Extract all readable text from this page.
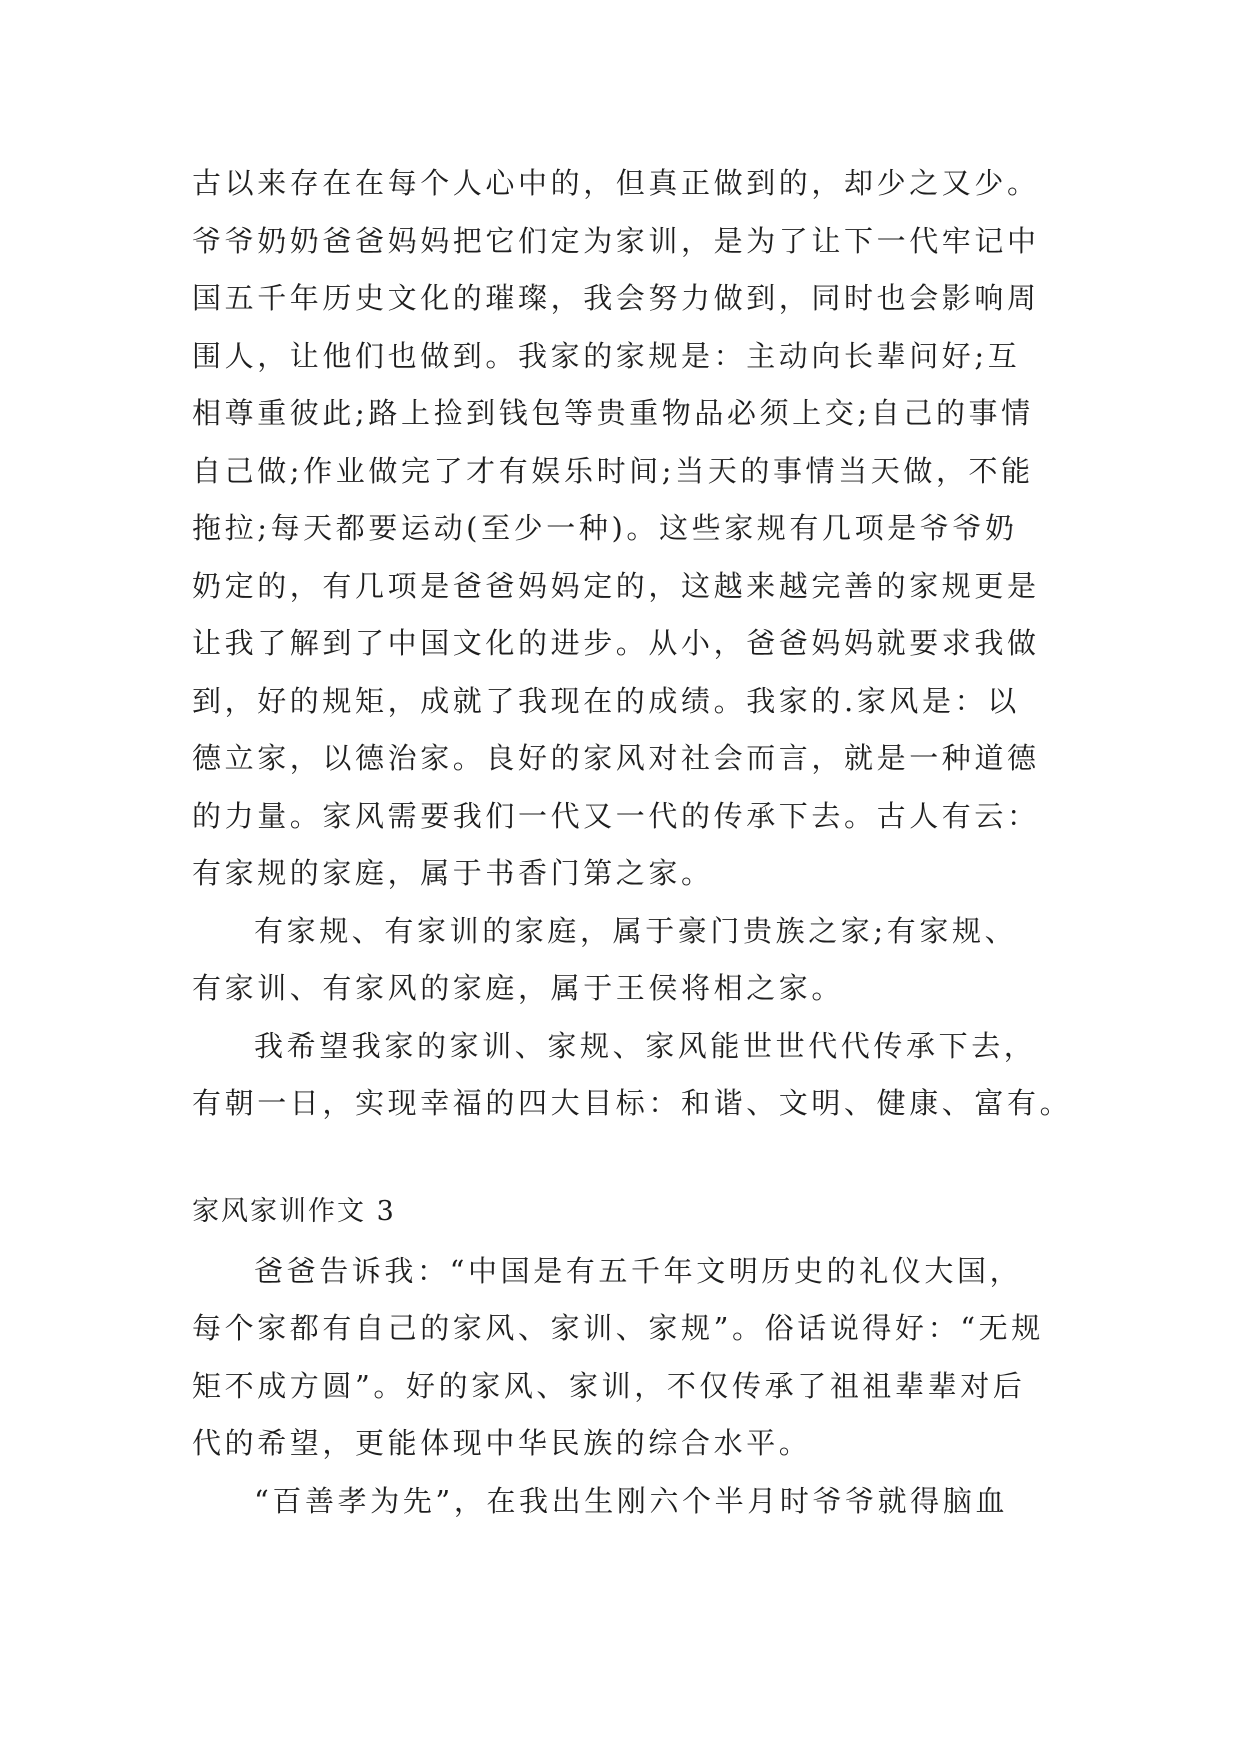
古以来存在在每个人心中的，但真正做到的，却少之又少。
爷爷奶奶爸爸妈妈把它们定为家训，是为了让下一代牢记中
国五千年历史文化的璀璨，我会努力做到，同时也会影响周
围人，让他们也做到。我家的家规是：主动向长辈问好;互
相尊重彼此;路上捡到钱包等贵重物品必须上交;自己的事情
自己做;作业做完了才有娱乐时间;当天的事情当天做，不能
拖拉;每天都要运动(至少一种)。这些家规有几项是爷爷奶
奶定的，有几项是爸爸妈妈定的，这越来越完善的家规更是
让我了解到了中国文化的进步。从小，爸爸妈妈就要求我做
到，好的规矩，成就了我现在的成绩。我家的.家风是：以
德立家，以德治家。良好的家风对社会而言，就是一种道德
的力量。家风需要我们一代又一代的传承下去。古人有云：
有家规的家庭，属于书香门第之家。
有家规、有家训的家庭，属于豪门贵族之家;有家规、
有家训、有家风的家庭，属于王侯将相之家。
我希望我家的家训、家规、家风能世世代代传承下去，
有朝一日，实现幸福的四大目标：和谐、文明、健康、富有。
家风家训作文 3
爸爸告诉我：“中国是有五千年文明历史的礼仪大国，
每个家都有自己的家风、家训、家规”。俗话说得好：“无规
矩不成方圆”。好的家风、家训，不仅传承了祖祖辈辈对后
代的希望，更能体现中华民族的综合水平。
“百善孝为先”，在我出生刚六个半月时爷爷就得脑血
